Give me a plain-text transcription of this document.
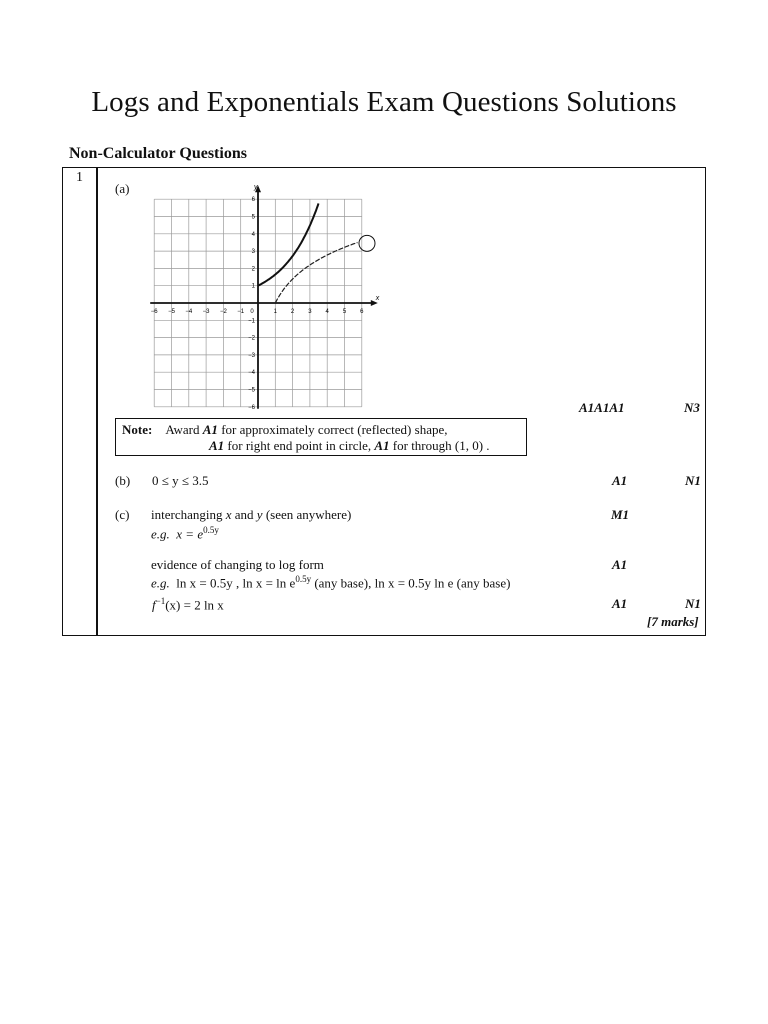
Logs and Exponentials Exam Questions Solutions
Non-Calculator Questions
1
(a)
x
y
−6 −5 −4 −3 −2 −1 0	1 2 3 4 5 6
1
2
3
4
5
6
−1
−2
−3
−4
−5
−6	A1A1A1	N3
Note: Award A1 for approximately correct (reflected) shape,
A1 for right end point in circle, A1 for through (1, 0) .
(b) 0 ≤ y ≤ 3.5	A1	N1
(c) interchanging x and y (seen anywhere)	M1
e.g. $x = e^{0.5y}$
evidence of changing to log form	A1
e.g. ln x = 0.5y , $\ln x = \ln e^{0.5y}$ (any base), ln x = 0.5y ln e (any base)
$f^{-1}(x) = 2$ ln x	A1	N1
[7 marks]
